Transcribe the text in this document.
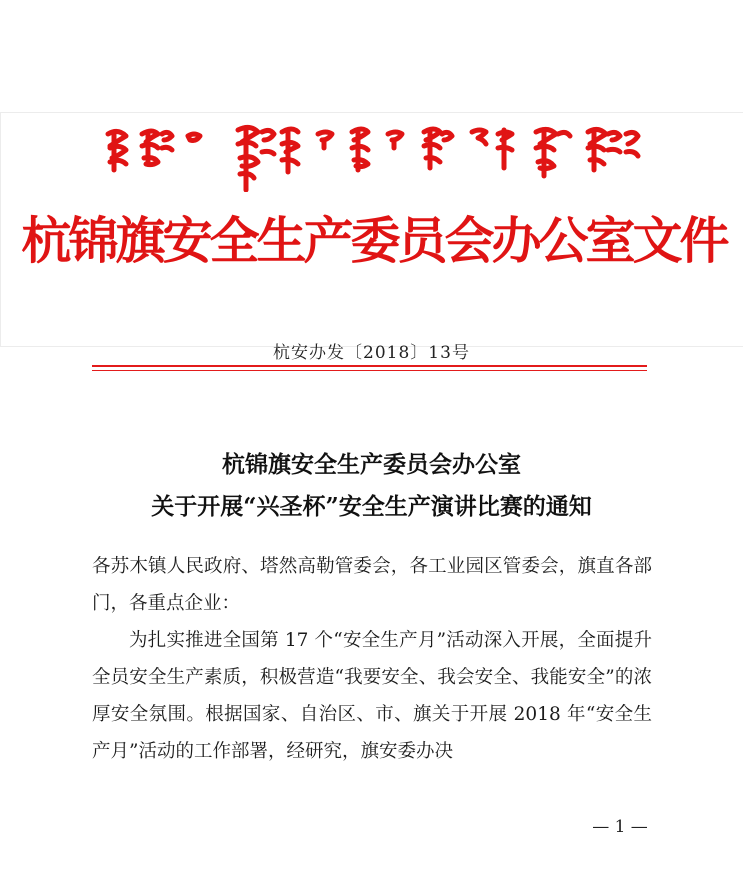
杭锦旗安全生产委员会办公室文件
杭安办发〔2018〕13号
杭锦旗安全生产委员会办公室
关于开展“兴圣杯”安全生产演讲比赛的通知

各苏木镇人民政府、塔然高勒管委会，各工业园区管委会，旗直各部门，各重点企业：

为扎实推进全国第 17 个“安全生产月”活动深入开展，全面提升全员安全生产素质，积极营造“我要安全、我会安全、我能安全”的浓厚安全氛围。根据国家、自治区、市、旗关于开展 2018 年“安全生产月”活动的工作部署，经研究，旗安委办决

— 1 —
